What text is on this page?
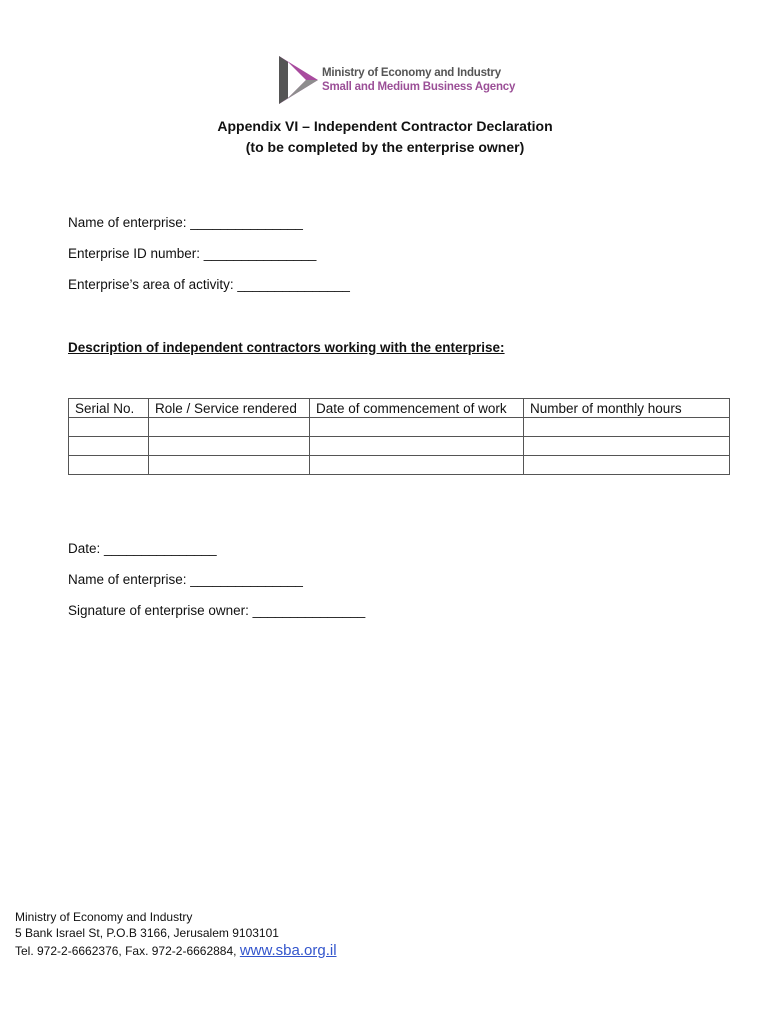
Ministry of Economy and Industry
Small and Medium Business Agency
Appendix VI – Independent Contractor Declaration
(to be completed by the enterprise owner)
Name of enterprise: _______________
Enterprise ID number: _______________
Enterprise’s area of activity: _______________
Description of independent contractors working with the enterprise:
Serial No.	Role / Service rendered	Date of commencement of work	Number of monthly hours

Date: _______________
Name of enterprise: _______________
Signature of enterprise owner: _______________
Ministry of Economy and Industry
5 Bank Israel St, P.O.B 3166, Jerusalem 9103101
Tel. 972-2-6662376, Fax. 972-2-6662884, www.sba.org.il
